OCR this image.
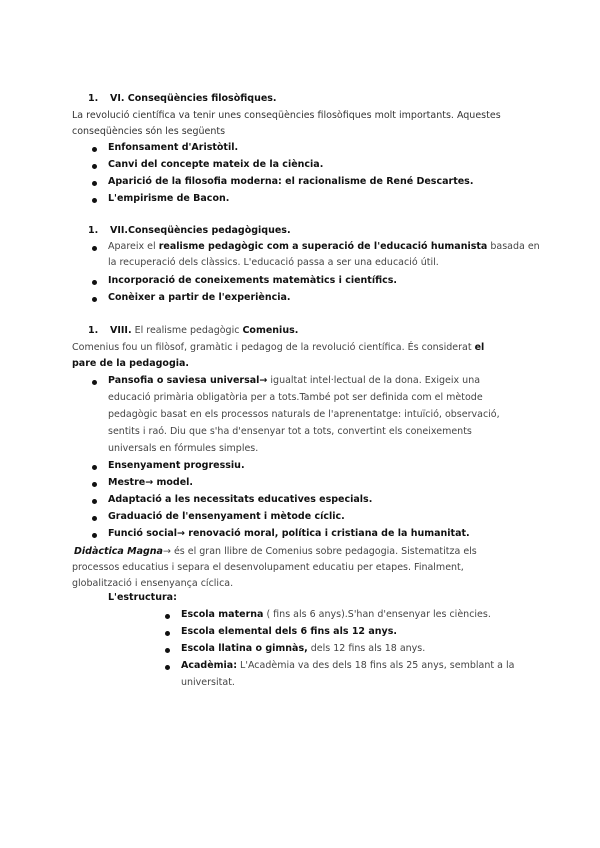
1. VI. Conseqüències filosòfiques.
La revolució científica va tenir unes conseqüències filosòfiques molt importants. Aquestes
conseqüències són les següents
Enfonsament d'Aristòtil.
Canvi del concepte mateix de la ciència.
Aparició de la filosofia moderna: el racionalisme de René Descartes.
L'empirisme de Bacon.
1. VII.Conseqüències pedagògiques.
Apareix el realisme pedagògic com a superació de l'educació humanista basada en
la recuperació dels clàssics. L'educació passa a ser una educació útil.
Incorporació de coneixements matemàtics i científics.
Conèixer a partir de l'experiència.
1. VIII. El realisme pedagògic Comenius.
Comenius fou un filòsof, gramàtic i pedagog de la revolució científica. És considerat el
pare de la pedagogia.
Pansofia o saviesa universal→ igualtat intel·lectual de la dona. Exigeix una
educació primària obligatòria per a tots.També pot ser definida com el mètode
pedagògic basat en els processos naturals de l'aprenentatge: intuïció, observació,
sentits i raó. Diu que s'ha d'ensenyar tot a tots, convertint els coneixements
universals en fórmules simples.
Ensenyament progressiu.
Mestre→ model.
Adaptació a les necessitats educatives especials.
Graduació de l'ensenyament i mètode cíclic.
Funció social→ renovació moral, política i cristiana de la humanitat.
Didàctica Magna→ és el gran llibre de Comenius sobre pedagogia. Sistematitza els
processos educatius i separa el desenvolupament educatiu per etapes. Finalment,
globalització i ensenyança cíclica.
L'estructura:
Escola materna ( fins als 6 anys).S'han d'ensenyar les ciències.
Escola elemental dels 6 fins als 12 anys.
Escola llatina o gimnàs, dels 12 fins als 18 anys.
Acadèmia: L'Acadèmia va des dels 18 fins als 25 anys, semblant a la
universitat.
